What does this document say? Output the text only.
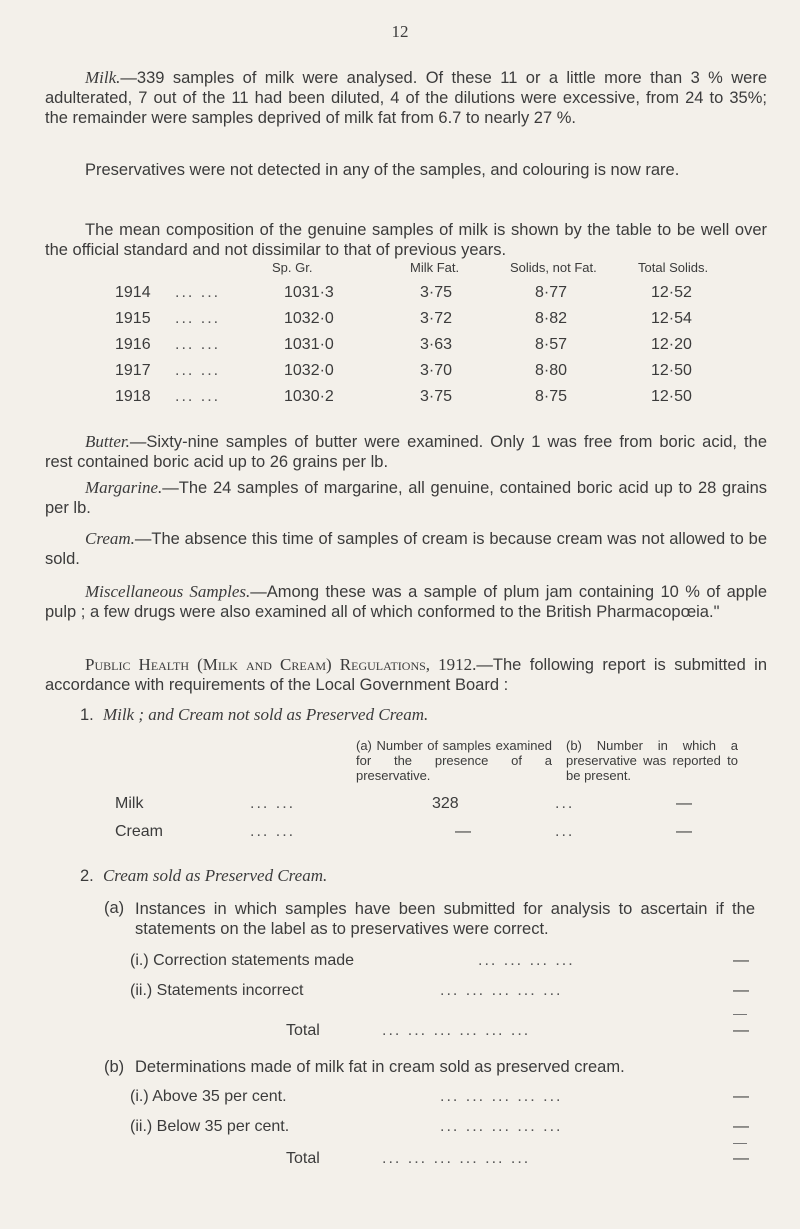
12
Milk.—339 samples of milk were analysed. Of these 11 or a little more than 3 % were adulterated, 7 out of the 11 had been diluted, 4 of the dilutions were excessive, from 24 to 35%; the remainder were samples deprived of milk fat from 6.7 to nearly 27 %.
Preservatives were not detected in any of the samples, and colouring is now rare.
The mean composition of the genuine samples of milk is shown by the table to be well over the official standard and not dissimilar to that of previous years.
Sp. Gr.	Milk Fat.	Solids, not Fat.	Total Solids.
1914 ... ...	1031·3	3·75	8·77	12·52
1915 ... ...	1032·0	3·72	8·82	12·54
1916 ... ...	1031·0	3·63	8·57	12·20
1917 ... ...	1032·0	3·70	8·80	12·50
1918 ... ...	1030·2	3·75	8·75	12·50
Butter.—Sixty-nine samples of butter were examined. Only 1 was free from boric acid, the rest contained boric acid up to 26 grains per lb.
Margarine.—The 24 samples of margarine, all genuine, contained boric acid up to 28 grains per lb.
Cream.—The absence this time of samples of cream is because cream was not allowed to be sold.
Miscellaneous Samples.—Among these was a sample of plum jam containing 10 % of apple pulp ; a few drugs were also examined all of which conformed to the British Pharmacopœia."
Public Health (Milk and Cream) Regulations, 1912.—The following report is submitted in accordance with requirements of the Local Government Board :
1. Milk ; and Cream not sold as Preserved Cream.
(a) Number of samples examined for the presence of a preservative.
(b) Number in which a preservative was reported to be present.
Milk	... ...	328	...	—
Cream	... ...	—	...	—
2. Cream sold as Preserved Cream.
(a) Instances in which samples have been submitted for analysis to ascertain if the statements on the label as to preservatives were correct.
(i.) Correction statements made	... ... ... ...	—
(ii.) Statements incorrect	... ... ... ... ...	—
Total	... ... ... ... ... ...	—
(b) Determinations made of milk fat in cream sold as preserved cream.
(i.) Above 35 per cent.	... ... ... ... ...	—
(ii.) Below 35 per cent.	... ... ... ... ...	—
Total	... ... ... ... ... ...	—
